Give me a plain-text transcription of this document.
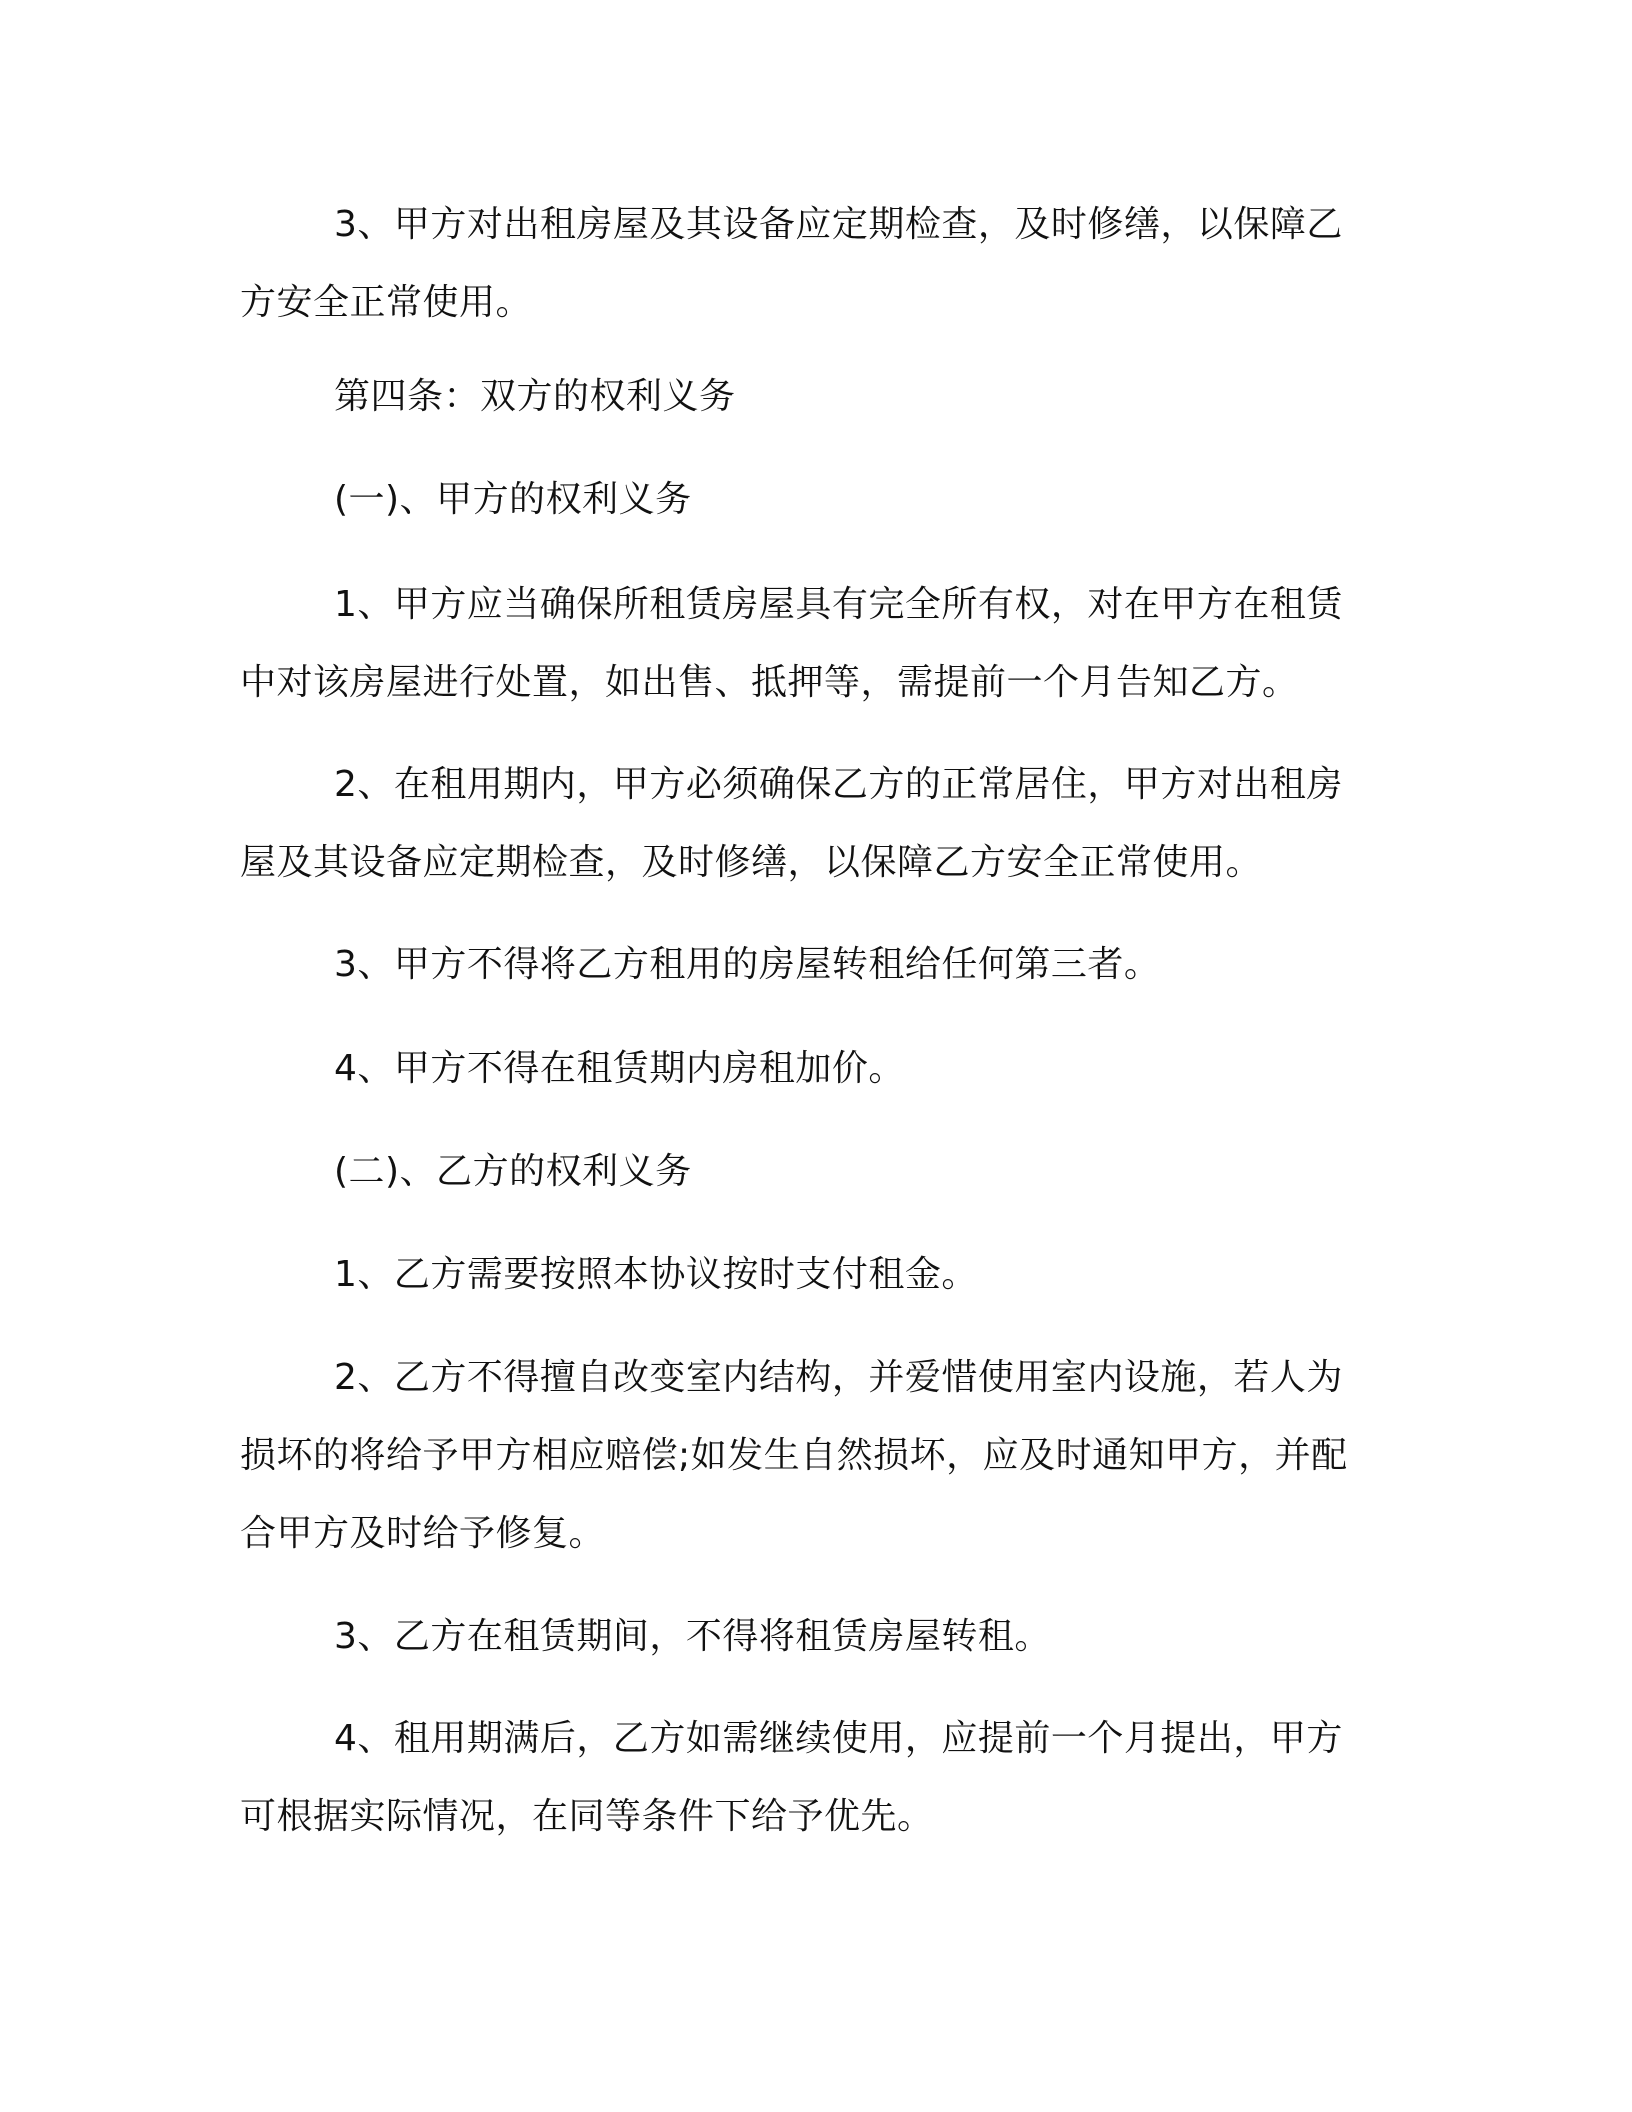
3、甲方对出租房屋及其设备应定期检查，及时修缮，以保障乙方安全正常使用。

第四条：双方的权利义务

(一)、甲方的权利义务

1、甲方应当确保所租赁房屋具有完全所有权，对在甲方在租赁中对该房屋进行处置，如出售、抵押等，需提前一个月告知乙方。

2、在租用期内，甲方必须确保乙方的正常居住，甲方对出租房屋及其设备应定期检查，及时修缮，以保障乙方安全正常使用。

3、甲方不得将乙方租用的房屋转租给任何第三者。

4、甲方不得在租赁期内房租加价。

(二)、乙方的权利义务

1、乙方需要按照本协议按时支付租金。

2、乙方不得擅自改变室内结构，并爱惜使用室内设施，若人为损坏的将给予甲方相应赔偿;如发生自然损坏，应及时通知甲方，并配合甲方及时给予修复。

3、乙方在租赁期间，不得将租赁房屋转租。

4、租用期满后，乙方如需继续使用，应提前一个月提出，甲方可根据实际情况，在同等条件下给予优先。
